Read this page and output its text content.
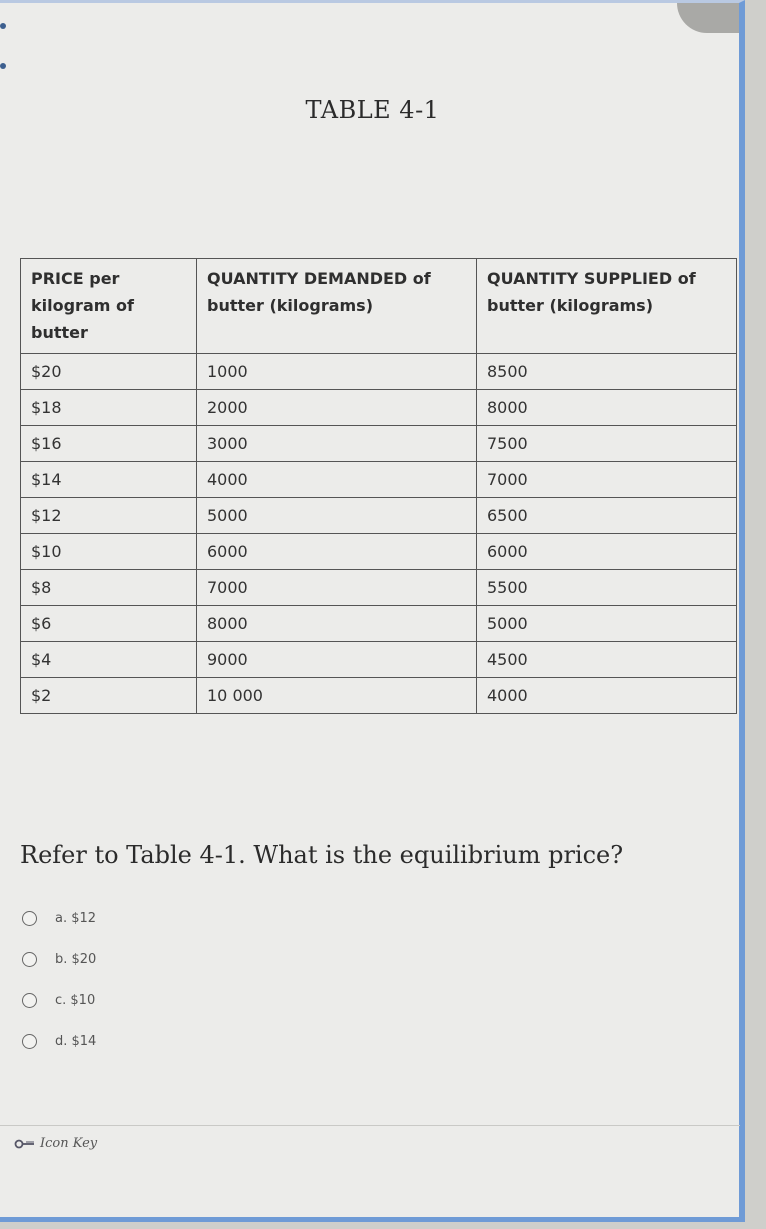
TABLE 4-1
PRICE per kilogram of butter	QUANTITY DEMANDED of butter (kilograms)	QUANTITY SUPPLIED of butter (kilograms)
$20	1000	8500
$18	2000	8000
$16	3000	7500
$14	4000	7000
$12	5000	6500
$10	6000	6000
$8	7000	5500
$6	8000	5000
$4	9000	4500
$2	10 000	4000
Refer to Table 4-1. What is the equilibrium price?
a. $12
b. $20
c. $10
d. $14
Icon Key
